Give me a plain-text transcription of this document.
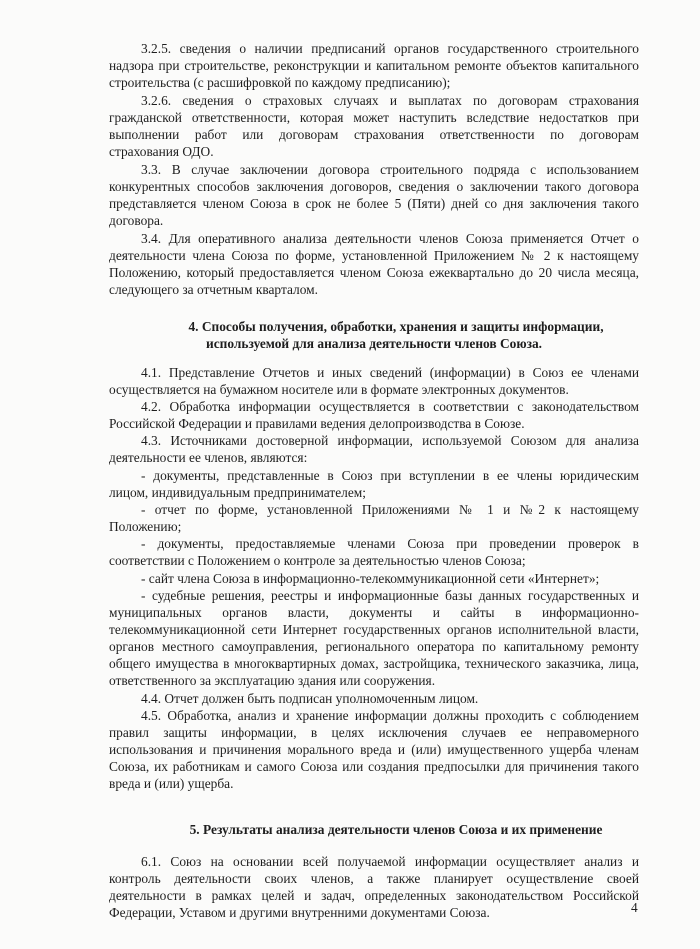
3.2.5. сведения о наличии предписаний органов государственного строительного
надзора при строительстве, реконструкции и капитальном ремонте объектов капитального
строительства (с расшифровкой по каждому предписанию);
3.2.6. сведения о страховых случаях и выплатах по договорам страхования
гражданской ответственности, которая может наступить вследствие недостатков при
выполнении работ или договорам страхования ответственности по договорам
страхования ОДО.
3.3. В случае заключении договора строительного подряда с использованием
конкурентных способов заключения договоров, сведения о заключении такого договора
представляется членом Союза в срок не более 5 (Пяти) дней со дня заключения такого
договора.
3.4. Для оперативного анализа деятельности членов Союза применяется Отчет о
деятельности члена Союза по форме, установленной Приложением № 2 к настоящему
Положению, который предоставляется членом Союза ежеквартально до 20 числа месяца,
следующего за отчетным кварталом.
4. Способы получения, обработки, хранения и защиты информации,
используемой для анализа деятельности членов Союза.
4.1. Представление Отчетов и иных сведений (информации) в Союз ее членами
осуществляется на бумажном носителе или в формате электронных документов.
4.2. Обработка информации осуществляется в соответствии с законодательством
Российской Федерации и правилами ведения делопроизводства в Союзе.
4.3. Источниками достоверной информации, используемой Союзом для анализа
деятельности ее членов, являются:
- документы, представленные в Союз при вступлении в ее члены юридическим
лицом, индивидуальным предпринимателем;
- отчет по форме, установленной Приложениями № 1 и №2 к настоящему
Положению;
- документы, предоставляемые членами Союза при проведении проверок в
соответствии с Положением о контроле за деятельностью членов Союза;
- сайт члена Союза в информационно-телекоммуникационной сети «Интернет»;
- судебные решения, реестры и информационные базы данных государственных и
муниципальных органов власти, документы и сайты в информационно-
телекоммуникационной сети Интернет государственных органов исполнительной власти,
органов местного самоуправления, регионального оператора по капитальному ремонту
общего имущества в многоквартирных домах, застройщика, технического заказчика, лица,
ответственного за эксплуатацию здания или сооружения.
4.4. Отчет должен быть подписан уполномоченным лицом.
4.5. Обработка, анализ и хранение информации должны проходить с соблюдением
правил защиты информации, в целях исключения случаев ее неправомерного
использования и причинения морального вреда и (или) имущественного ущерба членам
Союза, их работникам и самого Союза или создания предпосылки для причинения такого
вреда и (или) ущерба.
5. Результаты анализа деятельности членов Союза и их применение
6.1. Союз на основании всей получаемой информации осуществляет анализ и
контроль деятельности своих членов, а также планирует осуществление своей
деятельности в рамках целей и задач, определенных законодательством Российской
Федерации, Уставом и другими внутренними документами Союза.	4
